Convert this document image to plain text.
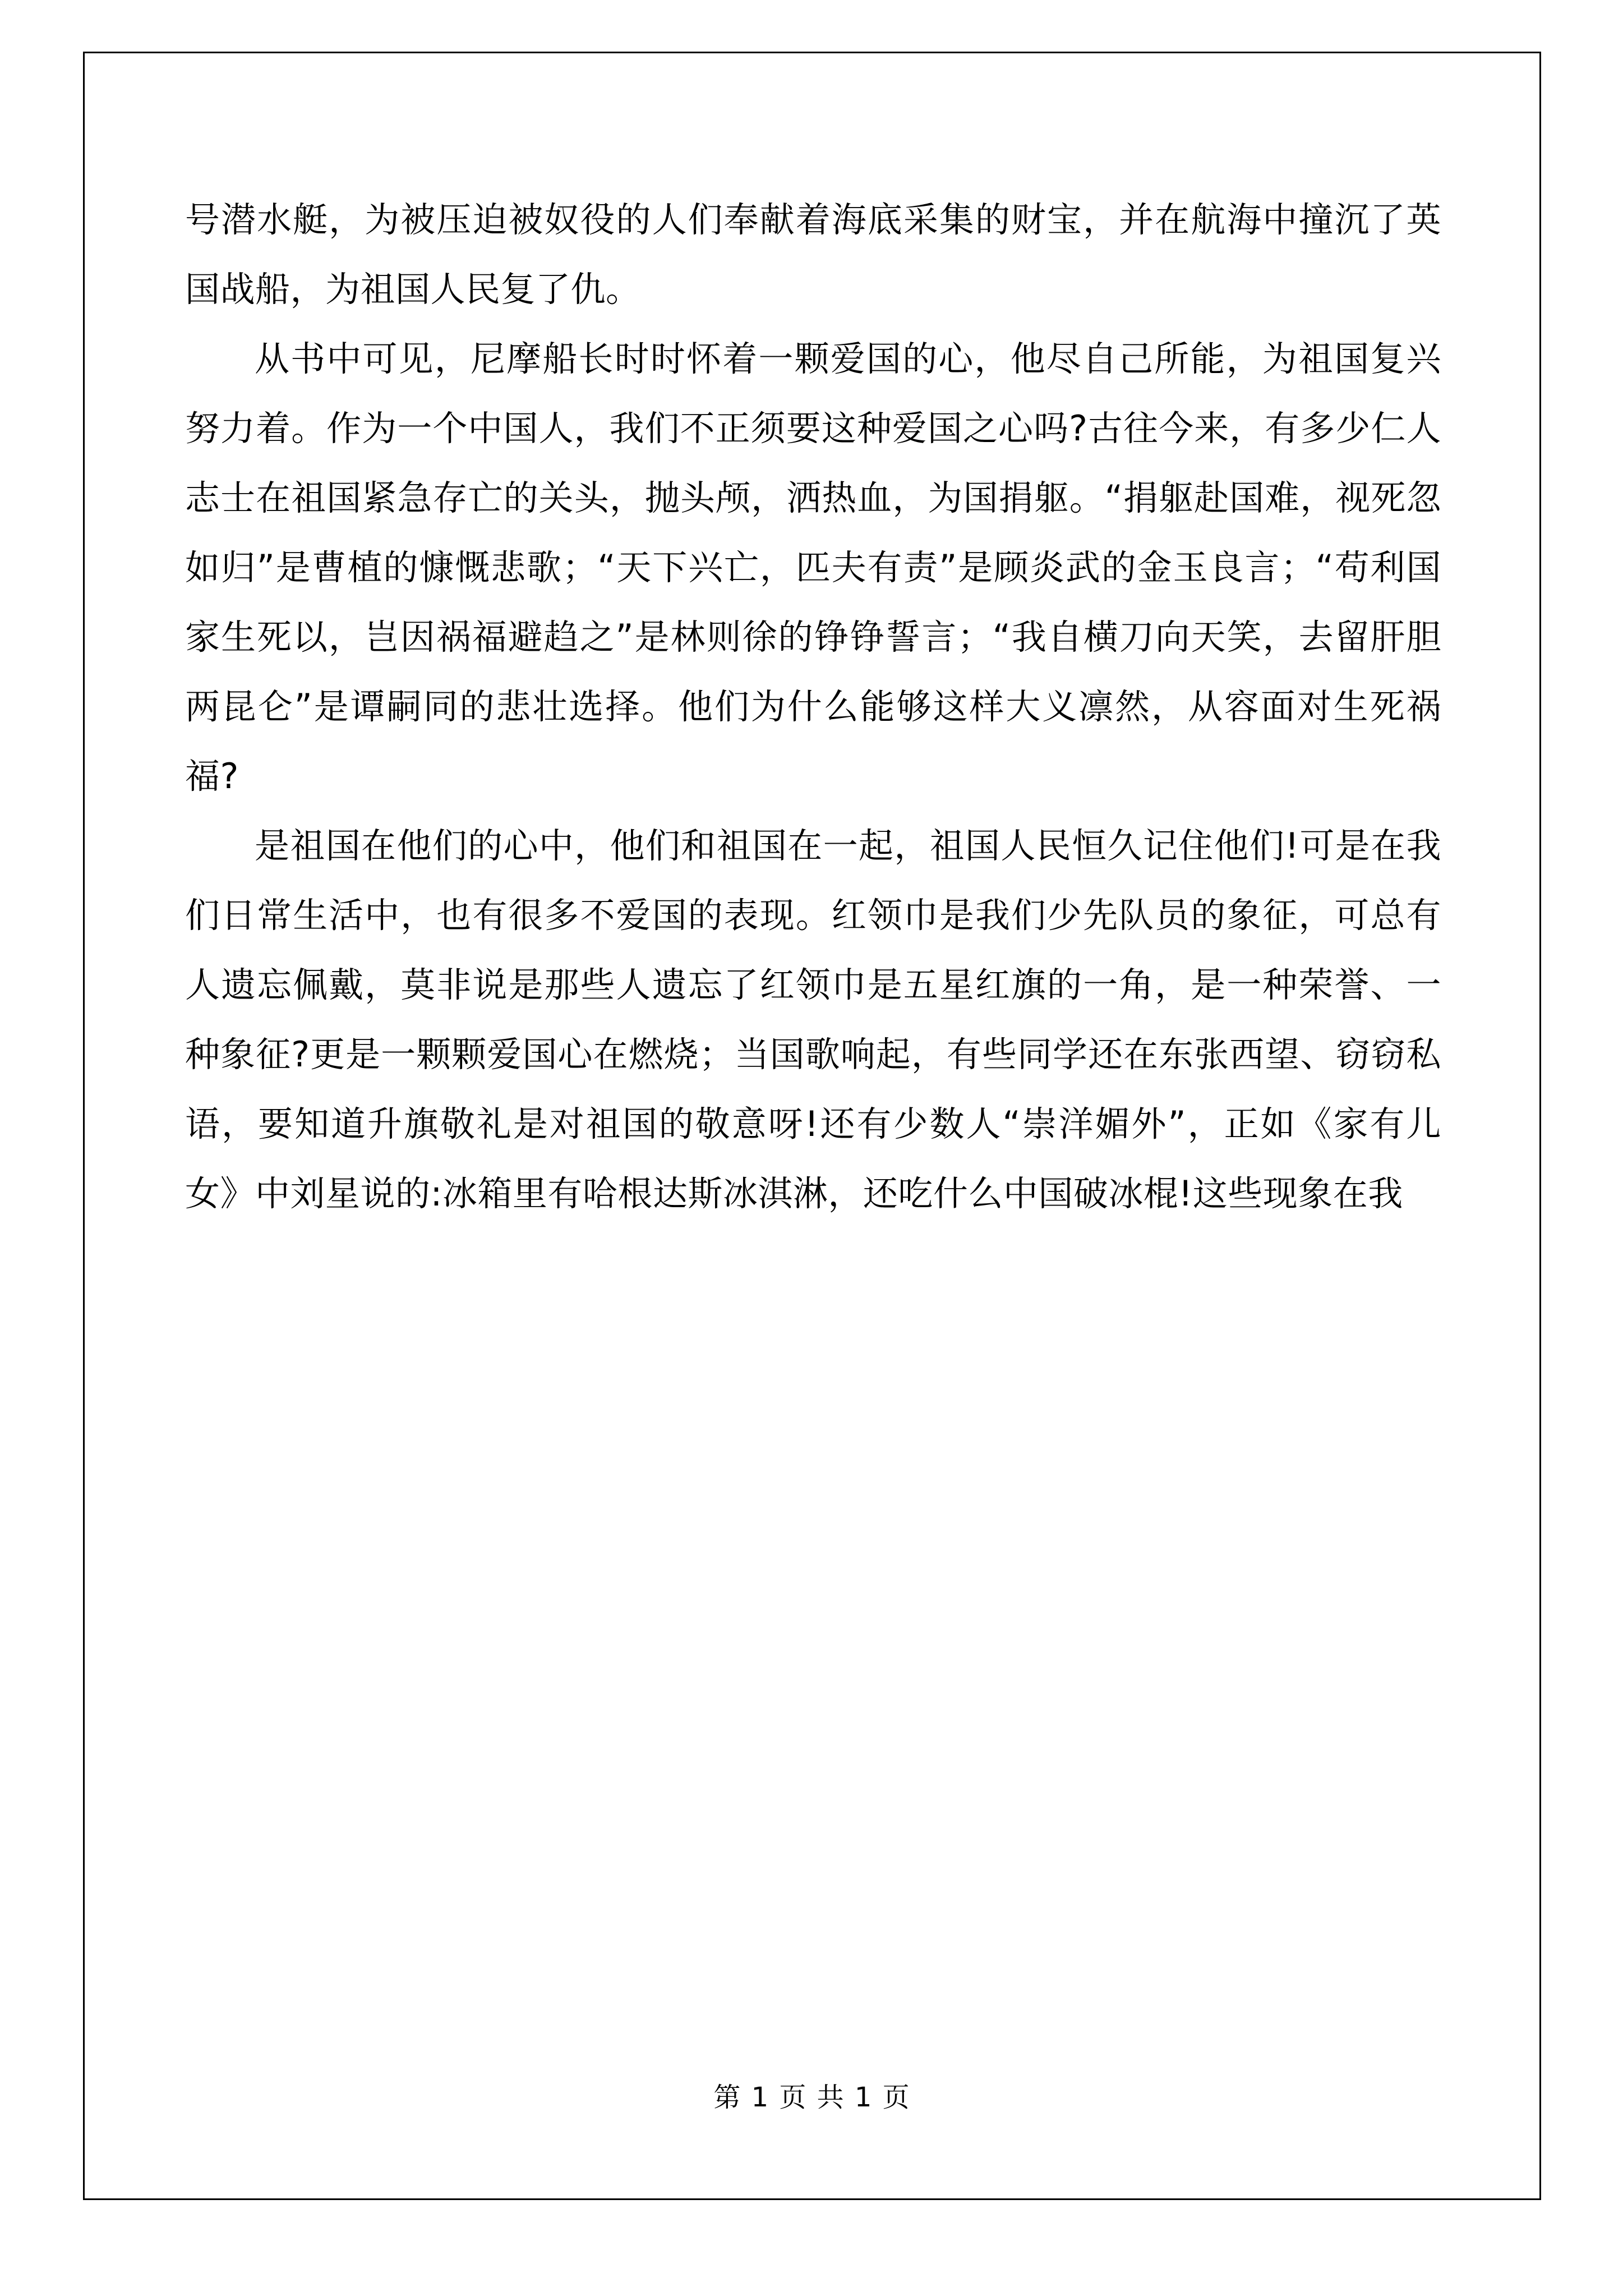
号潜水艇，为被压迫被奴役的人们奉献着海底采集的财宝，并在航海中撞沉了英国战船，为祖国人民复了仇。

从书中可见，尼摩船长时时怀着一颗爱国的心，他尽自己所能，为祖国复兴努力着。作为一个中国人，我们不正须要这种爱国之心吗?古往今来，有多少仁人志士在祖国紧急存亡的关头，抛头颅，洒热血，为国捐躯。“捐躯赴国难，视死忽如归”是曹植的慷慨悲歌；“天下兴亡，匹夫有责”是顾炎武的金玉良言；“苟利国家生死以，岂因祸福避趋之”是林则徐的铮铮誓言；“我自横刀向天笑，去留肝胆两昆仑”是谭嗣同的悲壮选择。他们为什么能够这样大义凛然，从容面对生死祸福?

是祖国在他们的心中，他们和祖国在一起，祖国人民恒久记住他们!可是在我们日常生活中，也有很多不爱国的表现。红领巾是我们少先队员的象征，可总有人遗忘佩戴，莫非说是那些人遗忘了红领巾是五星红旗的一角，是一种荣誉、一种象征?更是一颗颗爱国心在燃烧；当国歌响起，有些同学还在东张西望、窃窃私语，要知道升旗敬礼是对祖国的敬意呀!还有少数人“崇洋媚外”，正如《家有儿女》中刘星说的:冰箱里有哈根达斯冰淇淋，还吃什么中国破冰棍!这些现象在我

第 1 页 共 1 页
